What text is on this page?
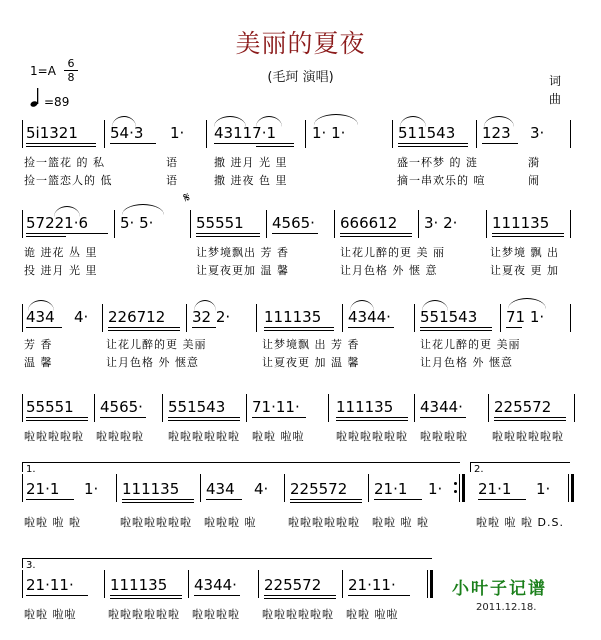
美丽的夏夜
(毛珂 演唱)
1=A
6
8
=89
词
曲
5i1321 54·3 1· 43117·1 1· 1·	511543 123 3·
捡一篮花 的 私	语	撒 进月 光 里	盛一杯梦 的 涟	漪
捡一篮恋人的 低	语	撒 进夜 色 里	摘一串欢乐的 喧	闹
57221·6 5· 5·
𝄋
55551 4565· 666612 3· 2· 111135
诡 进花 丛 里	让梦境飘出 芳 香	让花儿醉的更 美 丽	让梦境 飘 出
投 进月 光 里	让夏夜更加 温 馨	让月色格 外 惬 意	让夏夜 更 加
434 4· 226712 32 2· 111135 4344· 551543 71 1·
芳 香	让花儿醉的更 美丽	让梦境飘 出 芳 香	让花儿醉的更 美丽
温 馨	让月色格 外 惬意	让夏夜更 加 温 馨	让月色格 外 惬意
55551 4565· 551543 71·11· 111135 4344· 225572
啦啦啦啦啦 啦啦啦啦 啦啦啦啦啦啦 啦啦 啦啦	啦啦啦啦啦啦 啦啦啦啦 啦啦啦啦啦啦
1.	2.
21·1 1· 111135 434 4· 225572 21·1 1· 21·1 1·
啦啦 啦 啦	啦啦啦啦啦啦 啦啦啦 啦	啦啦啦啦啦啦 啦啦 啦 啦	啦啦 啦 啦 D.S.
3.
21·11· 111135 4344· 225572 21·11·
啦啦 啦啦	啦啦啦啦啦啦 啦啦啦啦 啦啦啦啦啦啦 啦啦 啦啦
小叶子记谱
2011.12.18.
